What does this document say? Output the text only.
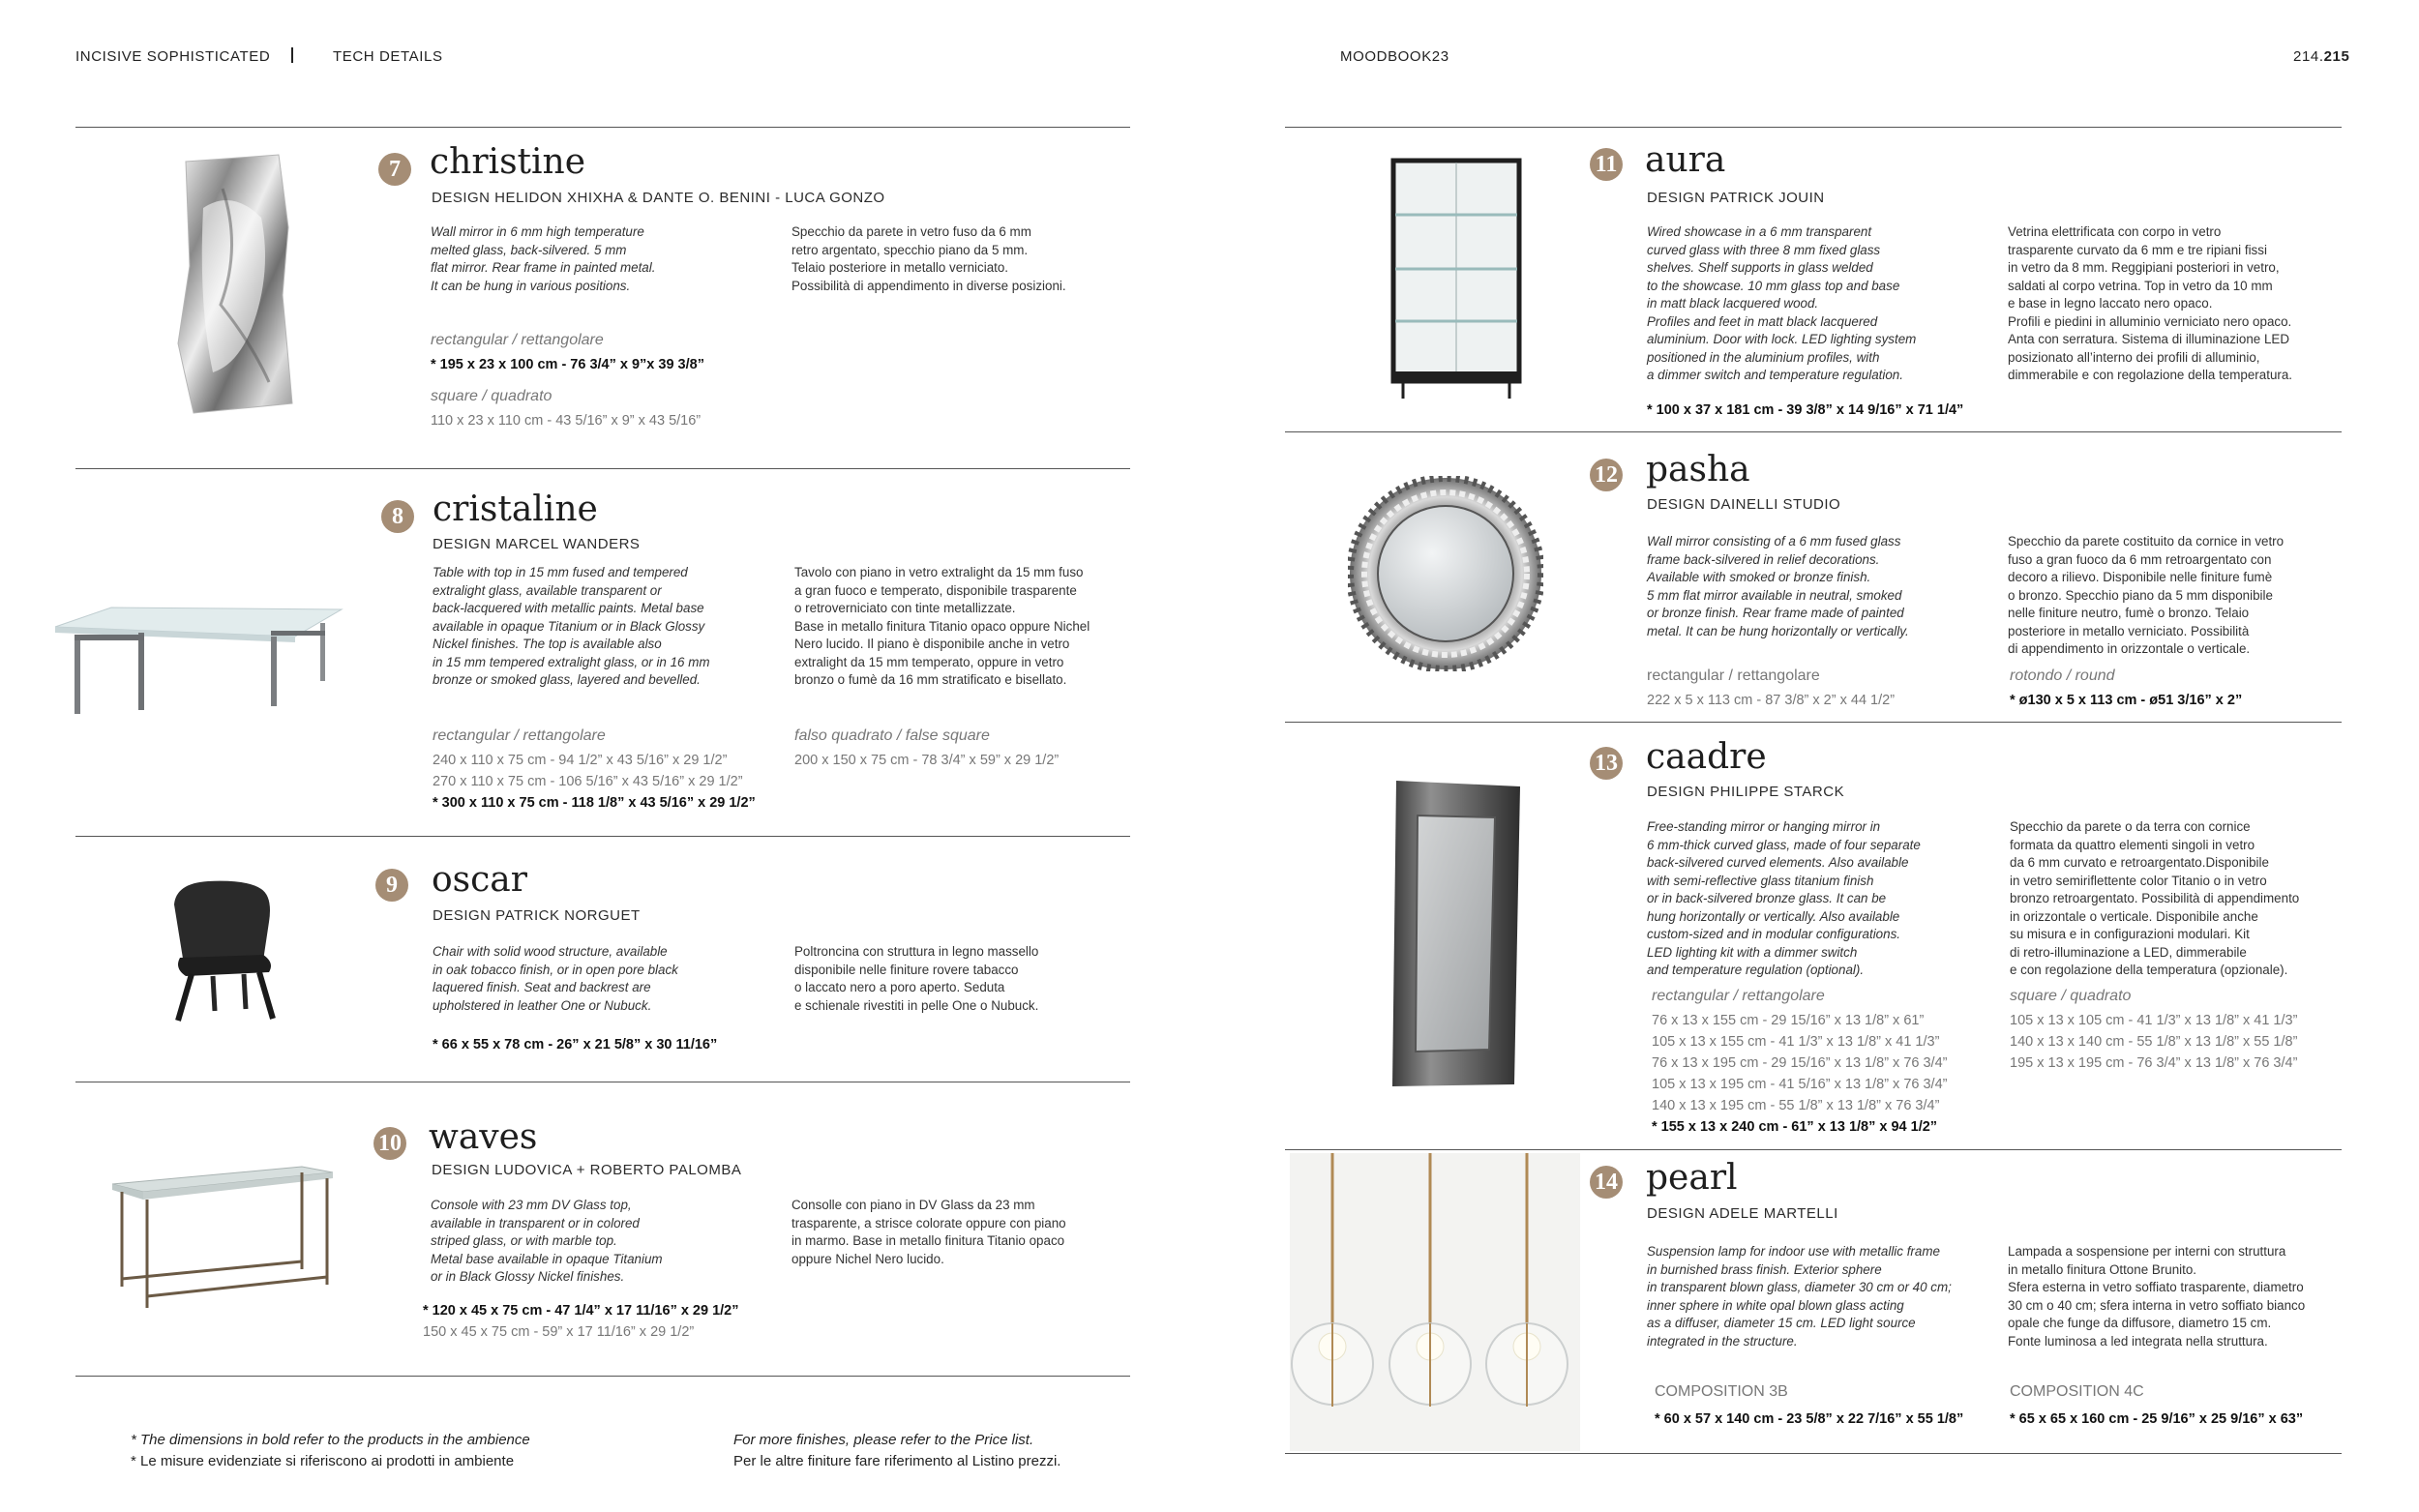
INCISIVE SOPHISTICATED	TECH DETAILS	MOODBOOK23	214.215
7 christine
DESIGN HELIDON XHIXHA & DANTE O. BENINI - LUCA GONZO
Wall mirror in 6 mm high temperature
melted glass, back-silvered. 5 mm
flat mirror. Rear frame in painted metal.
It can be hung in various positions.
Specchio da parete in vetro fuso da 6 mm
retro argentato, specchio piano da 5 mm.
Telaio posteriore in metallo verniciato.
Possibilità di appendimento in diverse posizioni.
rectangular / rettangolare
* 195 x 23 x 100 cm - 76 3/4” x 9”x 39 3/8”
square / quadrato
110 x 23 x 110 cm - 43 5/16” x 9” x 43 5/16”
8 cristaline
DESIGN MARCEL WANDERS
Table with top in 15 mm fused and tempered
extralight glass, available transparent or
back-lacquered with metallic paints. Metal base
available in opaque Titanium or in Black Glossy
Nickel finishes. The top is available also
in 15 mm tempered extralight glass, or in 16 mm
bronze or smoked glass, layered and bevelled.
Tavolo con piano in vetro extralight da 15 mm fuso
a gran fuoco e temperato, disponibile trasparente
o retroverniciato con tinte metallizzate.
Base in metallo finitura Titanio opaco oppure Nichel
Nero lucido. Il piano è disponibile anche in vetro
extralight da 15 mm temperato, oppure in vetro
bronzo o fumè da 16 mm stratificato e bisellato.
rectangular / rettangolare
240 x 110 x 75 cm - 94 1/2” x 43 5/16” x 29 1/2”
270 x 110 x 75 cm - 106 5/16” x 43 5/16” x 29 1/2”
* 300 x 110 x 75 cm - 118 1/8” x 43 5/16” x 29 1/2”
falso quadrato / false square
200 x 150 x 75 cm - 78 3/4” x 59” x 29 1/2”
9 oscar
DESIGN PATRICK NORGUET
Chair with solid wood structure, available
in oak tobacco finish, or in open pore black
laquered finish. Seat and backrest are
upholstered in leather One or Nubuck.
Poltroncina con struttura in legno massello
disponibile nelle finiture rovere tabacco
o laccato nero a poro aperto. Seduta
e schienale rivestiti in pelle One o Nubuck.
* 66 x 55 x 78 cm - 26” x 21 5/8” x 30 11/16”
10 waves
DESIGN LUDOVICA + ROBERTO PALOMBA
Console with 23 mm DV Glass top,
available in transparent or in colored
striped glass, or with marble top.
Metal base available in opaque Titanium
or in Black Glossy Nickel finishes.
Consolle con piano in DV Glass da 23 mm
trasparente, a strisce colorate oppure con piano
in marmo. Base in metallo finitura Titanio opaco
oppure Nichel Nero lucido.
* 120 x 45 x 75 cm - 47 1/4” x 17 11/16” x 29 1/2”
150 x 45 x 75 cm - 59” x 17 11/16” x 29 1/2”
* The dimensions in bold refer to the products in the ambience
* Le misure evidenziate si riferiscono ai prodotti in ambiente
For more finishes, please refer to the Price list.
Per le altre finiture fare riferimento al Listino prezzi.
11 aura
DESIGN PATRICK JOUIN
Wired showcase in a 6 mm transparent
curved glass with three 8 mm fixed glass
shelves. Shelf supports in glass welded
to the showcase. 10 mm glass top and base
in matt black lacquered wood.
Profiles and feet in matt black lacquered
aluminium. Door with lock. LED lighting system
positioned in the aluminium profiles, with
a dimmer switch and temperature regulation.
Vetrina elettrificata con corpo in vetro
trasparente curvato da 6 mm e tre ripiani fissi
in vetro da 8 mm. Reggipiani posteriori in vetro,
saldati al corpo vetrina. Top in vetro da 10 mm
e base in legno laccato nero opaco.
Profili e piedini in alluminio verniciato nero opaco.
Anta con serratura. Sistema di illuminazione LED
posizionato all’interno dei profili di alluminio,
dimmerabile e con regolazione della temperatura.
* 100 x 37 x 181 cm - 39 3/8” x 14 9/16” x 71 1/4”
12 pasha
DESIGN DAINELLI STUDIO
Wall mirror consisting of a 6 mm fused glass
frame back-silvered in relief decorations.
Available with smoked or bronze finish.
5 mm flat mirror available in neutral, smoked
or bronze finish. Rear frame made of painted
metal. It can be hung horizontally or vertically.
Specchio da parete costituito da cornice in vetro
fuso a gran fuoco da 6 mm retroargentato con
decoro a rilievo. Disponibile nelle finiture fumè
o bronzo. Specchio piano da 5 mm disponibile
nelle finiture neutro, fumè o bronzo. Telaio
posteriore in metallo verniciato. Possibilità
di appendimento in orizzontale o verticale.
rectangular / rettangolare
222 x 5 x 113 cm - 87 3/8” x 2” x 44 1/2”
rotondo / round
* ø130 x 5 x 113 cm - ø51 3/16” x 2”
13 caadre
DESIGN PHILIPPE STARCK
Free-standing mirror or hanging mirror in
6 mm-thick curved glass, made of four separate
back-silvered curved elements. Also available
with semi-reflective glass titanium finish
or in back-silvered bronze glass. It can be
hung horizontally or vertically. Also available
custom-sized and in modular configurations.
LED lighting kit with a dimmer switch
and temperature regulation (optional).
Specchio da parete o da terra con cornice
formata da quattro elementi singoli in vetro
da 6 mm curvato e retroargentato.Disponibile
in vetro semiriflettente color Titanio o in vetro
bronzo retroargentato. Possibilità di appendimento
in orizzontale o verticale. Disponibile anche
su misura e in configurazioni modulari. Kit
di retro-illuminazione a LED, dimmerabile
e con regolazione della temperatura (opzionale).
rectangular / rettangolare
76 x 13 x 155 cm - 29 15/16” x 13 1/8” x 61”
105 x 13 x 155 cm - 41 1/3” x 13 1/8” x 41 1/3”
76 x 13 x 195 cm - 29 15/16” x 13 1/8” x 76 3/4”
105 x 13 x 195 cm - 41 5/16” x 13 1/8” x 76 3/4”
140 x 13 x 195 cm - 55 1/8” x 13 1/8” x 76 3/4”
* 155 x 13 x 240 cm - 61” x 13 1/8” x 94 1/2”
square / quadrato
105 x 13 x 105 cm - 41 1/3” x 13 1/8” x 41 1/3”
140 x 13 x 140 cm - 55 1/8” x 13 1/8” x 55 1/8”
195 x 13 x 195 cm - 76 3/4” x 13 1/8” x 76 3/4”
14 pearl
DESIGN ADELE MARTELLI
Suspension lamp for indoor use with metallic frame
in burnished brass finish. Exterior sphere
in transparent blown glass, diameter 30 cm or 40 cm;
inner sphere in white opal blown glass acting
as a diffuser, diameter 15 cm. LED light source
integrated in the structure.
Lampada a sospensione per interni con struttura
in metallo finitura Ottone Brunito.
Sfera esterna in vetro soffiato trasparente, diametro
30 cm o 40 cm; sfera interna in vetro soffiato bianco
opale che funge da diffusore, diametro 15 cm.
Fonte luminosa a led integrata nella struttura.
COMPOSITION 3B
* 60 x 57 x 140 cm - 23 5/8” x 22 7/16” x 55 1/8”
COMPOSITION 4C
* 65 x 65 x 160 cm - 25 9/16” x 25 9/16” x 63”
